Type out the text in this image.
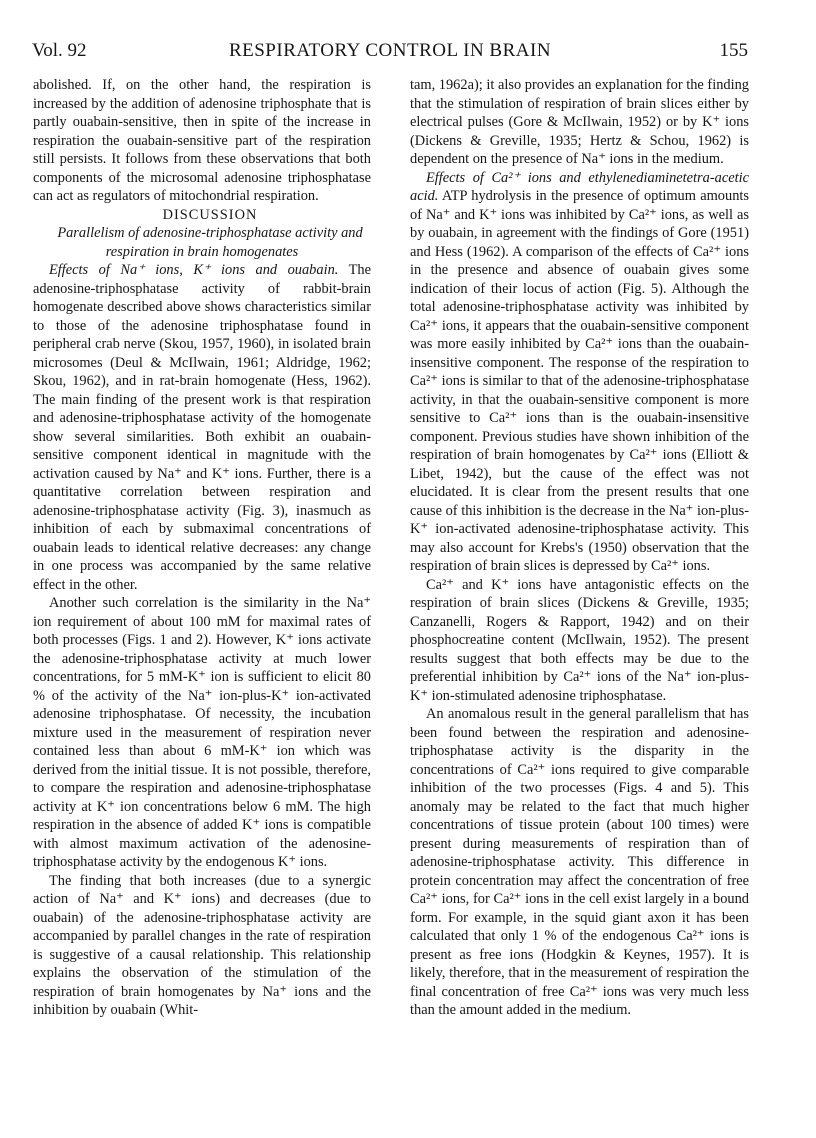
Vol. 92	RESPIRATORY CONTROL IN BRAIN	155

abolished. If, on the other hand, the respiration is increased by the addition of adenosine triphosphate that is partly ouabain-sensitive, then in spite of the increase in respiration the ouabain-sensitive part of the respiration still persists. It follows from these observations that both components of the microsomal adenosine triphosphatase can act as regulators of mitochondrial respiration.

DISCUSSION

Parallelism of adenosine-triphosphatase activity and respiration in brain homogenates

Effects of Na⁺ ions, K⁺ ions and ouabain. The adenosine-triphosphatase activity of rabbit-brain homogenate described above shows characteristics similar to those of the adenosine triphosphatase found in peripheral crab nerve (Skou, 1957, 1960), in isolated brain microsomes (Deul & McIlwain, 1961; Aldridge, 1962; Skou, 1962), and in rat-brain homogenate (Hess, 1962). The main finding of the present work is that respiration and adenosine-triphosphatase activity of the homogenate show several similarities. Both exhibit an ouabain-sensitive component identical in magnitude with the activation caused by Na⁺ and K⁺ ions. Further, there is a quantitative correlation between respiration and adenosine-triphosphatase activity (Fig. 3), inasmuch as inhibition of each by submaximal concentrations of ouabain leads to identical relative decreases: any change in one process was accompanied by the same relative effect in the other.

Another such correlation is the similarity in the Na⁺ ion requirement of about 100 mM for maximal rates of both processes (Figs. 1 and 2). However, K⁺ ions activate the adenosine-triphosphatase activity at much lower concentrations, for 5 mM-K⁺ ion is sufficient to elicit 80 % of the activity of the Na⁺ ion-plus-K⁺ ion-activated adenosine triphosphatase. Of necessity, the incubation mixture used in the measurement of respiration never contained less than about 6 mM-K⁺ ion which was derived from the initial tissue. It is not possible, therefore, to compare the respiration and adenosine-triphosphatase activity at K⁺ ion concentrations below 6 mM. The high respiration in the absence of added K⁺ ions is compatible with almost maximum activation of the adenosine-triphosphatase activity by the endogenous K⁺ ions.

The finding that both increases (due to a synergic action of Na⁺ and K⁺ ions) and decreases (due to ouabain) of the adenosine-triphosphatase activity are accompanied by parallel changes in the rate of respiration is suggestive of a causal relationship. This relationship explains the observation of the stimulation of the respiration of brain homogenates by Na⁺ ions and the inhibition by ouabain (Whit-

tam, 1962a); it also provides an explanation for the finding that the stimulation of respiration of brain slices either by electrical pulses (Gore & McIlwain, 1952) or by K⁺ ions (Dickens & Greville, 1935; Hertz & Schou, 1962) is dependent on the presence of Na⁺ ions in the medium.

Effects of Ca²⁺ ions and ethylenediaminetetra-acetic acid. ATP hydrolysis in the presence of optimum amounts of Na⁺ and K⁺ ions was inhibited by Ca²⁺ ions, as well as by ouabain, in agreement with the findings of Gore (1951) and Hess (1962). A comparison of the effects of Ca²⁺ ions in the presence and absence of ouabain gives some indication of their locus of action (Fig. 5). Although the total adenosine-triphosphatase activity was inhibited by Ca²⁺ ions, it appears that the ouabain-sensitive component was more easily inhibited by Ca²⁺ ions than the ouabain-insensitive component. The response of the respiration to Ca²⁺ ions is similar to that of the adenosine-triphosphatase activity, in that the ouabain-sensitive component is more sensitive to Ca²⁺ ions than is the ouabain-insensitive component. Previous studies have shown inhibition of the respiration of brain homogenates by Ca²⁺ ions (Elliott & Libet, 1942), but the cause of the effect was not elucidated. It is clear from the present results that one cause of this inhibition is the decrease in the Na⁺ ion-plus-K⁺ ion-activated adenosine-triphosphatase activity. This may also account for Krebs's (1950) observation that the respiration of brain slices is depressed by Ca²⁺ ions.

Ca²⁺ and K⁺ ions have antagonistic effects on the respiration of brain slices (Dickens & Greville, 1935; Canzanelli, Rogers & Rapport, 1942) and on their phosphocreatine content (McIlwain, 1952). The present results suggest that both effects may be due to the preferential inhibition by Ca²⁺ ions of the Na⁺ ion-plus-K⁺ ion-stimulated adenosine triphosphatase.

An anomalous result in the general parallelism that has been found between the respiration and adenosine-triphosphatase activity is the disparity in the concentrations of Ca²⁺ ions required to give comparable inhibition of the two processes (Figs. 4 and 5). This anomaly may be related to the fact that much higher concentrations of tissue protein (about 100 times) were present during measurements of respiration than of adenosine-triphosphatase activity. This difference in protein concentration may affect the concentration of free Ca²⁺ ions, for Ca²⁺ ions in the cell exist largely in a bound form. For example, in the squid giant axon it has been calculated that only 1 % of the endogenous Ca²⁺ ions is present as free ions (Hodgkin & Keynes, 1957). It is likely, therefore, that in the measurement of respiration the final concentration of free Ca²⁺ ions was very much less than the amount added in the medium.
